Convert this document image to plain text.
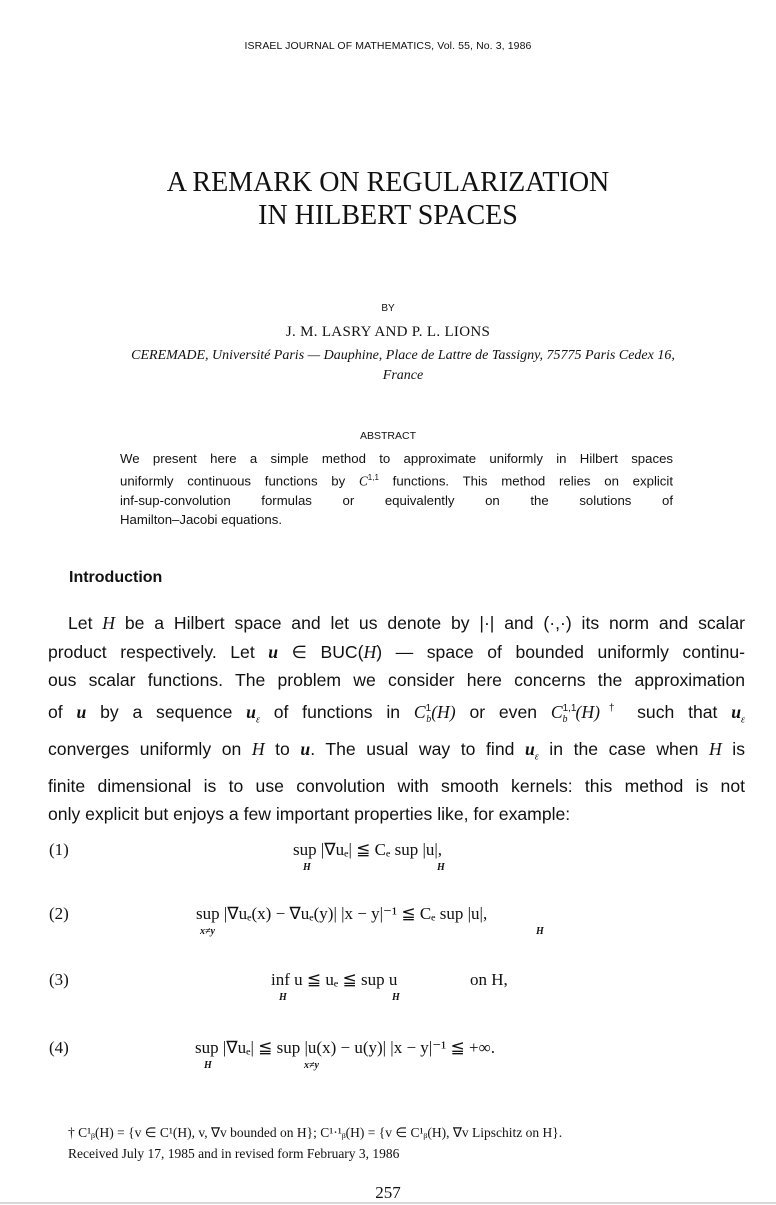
ISRAEL JOURNAL OF MATHEMATICS, Vol. 55, No. 3, 1986
A REMARK ON REGULARIZATION
IN HILBERT SPACES
BY
J. M. LASRY AND P. L. LIONS
CEREMADE, Université Paris — Dauphine, Place de Lattre de Tassigny, 75775 Paris Cedex 16,
France
ABSTRACT
We present here a simple method to approximate uniformly in Hilbert spaces
uniformly continuous functions by C$^{1,1}$ functions. This method relies on explicit
inf-sup-convolution formulas or equivalently on the solutions of
Hamilton–Jacobi equations.
Introduction
Let H be a Hilbert space and let us denote by |·| and (·,·) its norm and scalar
product respectively. Let u ∈ BUC(H) — space of bounded uniformly continu-
ous scalar functions. The problem we consider here concerns the approximation
of u by a sequence $u_\varepsilon$ of functions in $C^1_b(H)$ or even C$^{1,1}_b$ (H)† such that $u_\varepsilon$
converges uniformly on H to u. The usual way to find $u_\varepsilon$ in the case when H is
finite dimensional is to use convolution with smooth kernels: this method is not
only explicit but enjoys a few important properties like, for example:
(1)	sup |∇uₑ| ≦ Cₑ sup |u|,
H	H
(2)	sup |∇uₑ(x) − ∇uₑ(y)| |x − y|⁻¹ ≦ Cₑ sup |u|,
x≠y	H
(3)	inf u ≦ uₑ ≦ sup u	on H,
H	H
(4)	sup |∇uₑ| ≦ sup |u(x) − u(y)| |x − y|⁻¹ ≦ +∞.
H	x≠y
† C¹ᵦ(H) = {v ∈ C¹(H), v, ∇v bounded on H}; C¹·¹ᵦ(H) = {v ∈ C¹ᵦ(H), ∇v Lipschitz on H}.
Received July 17, 1985 and in revised form February 3, 1986
257
